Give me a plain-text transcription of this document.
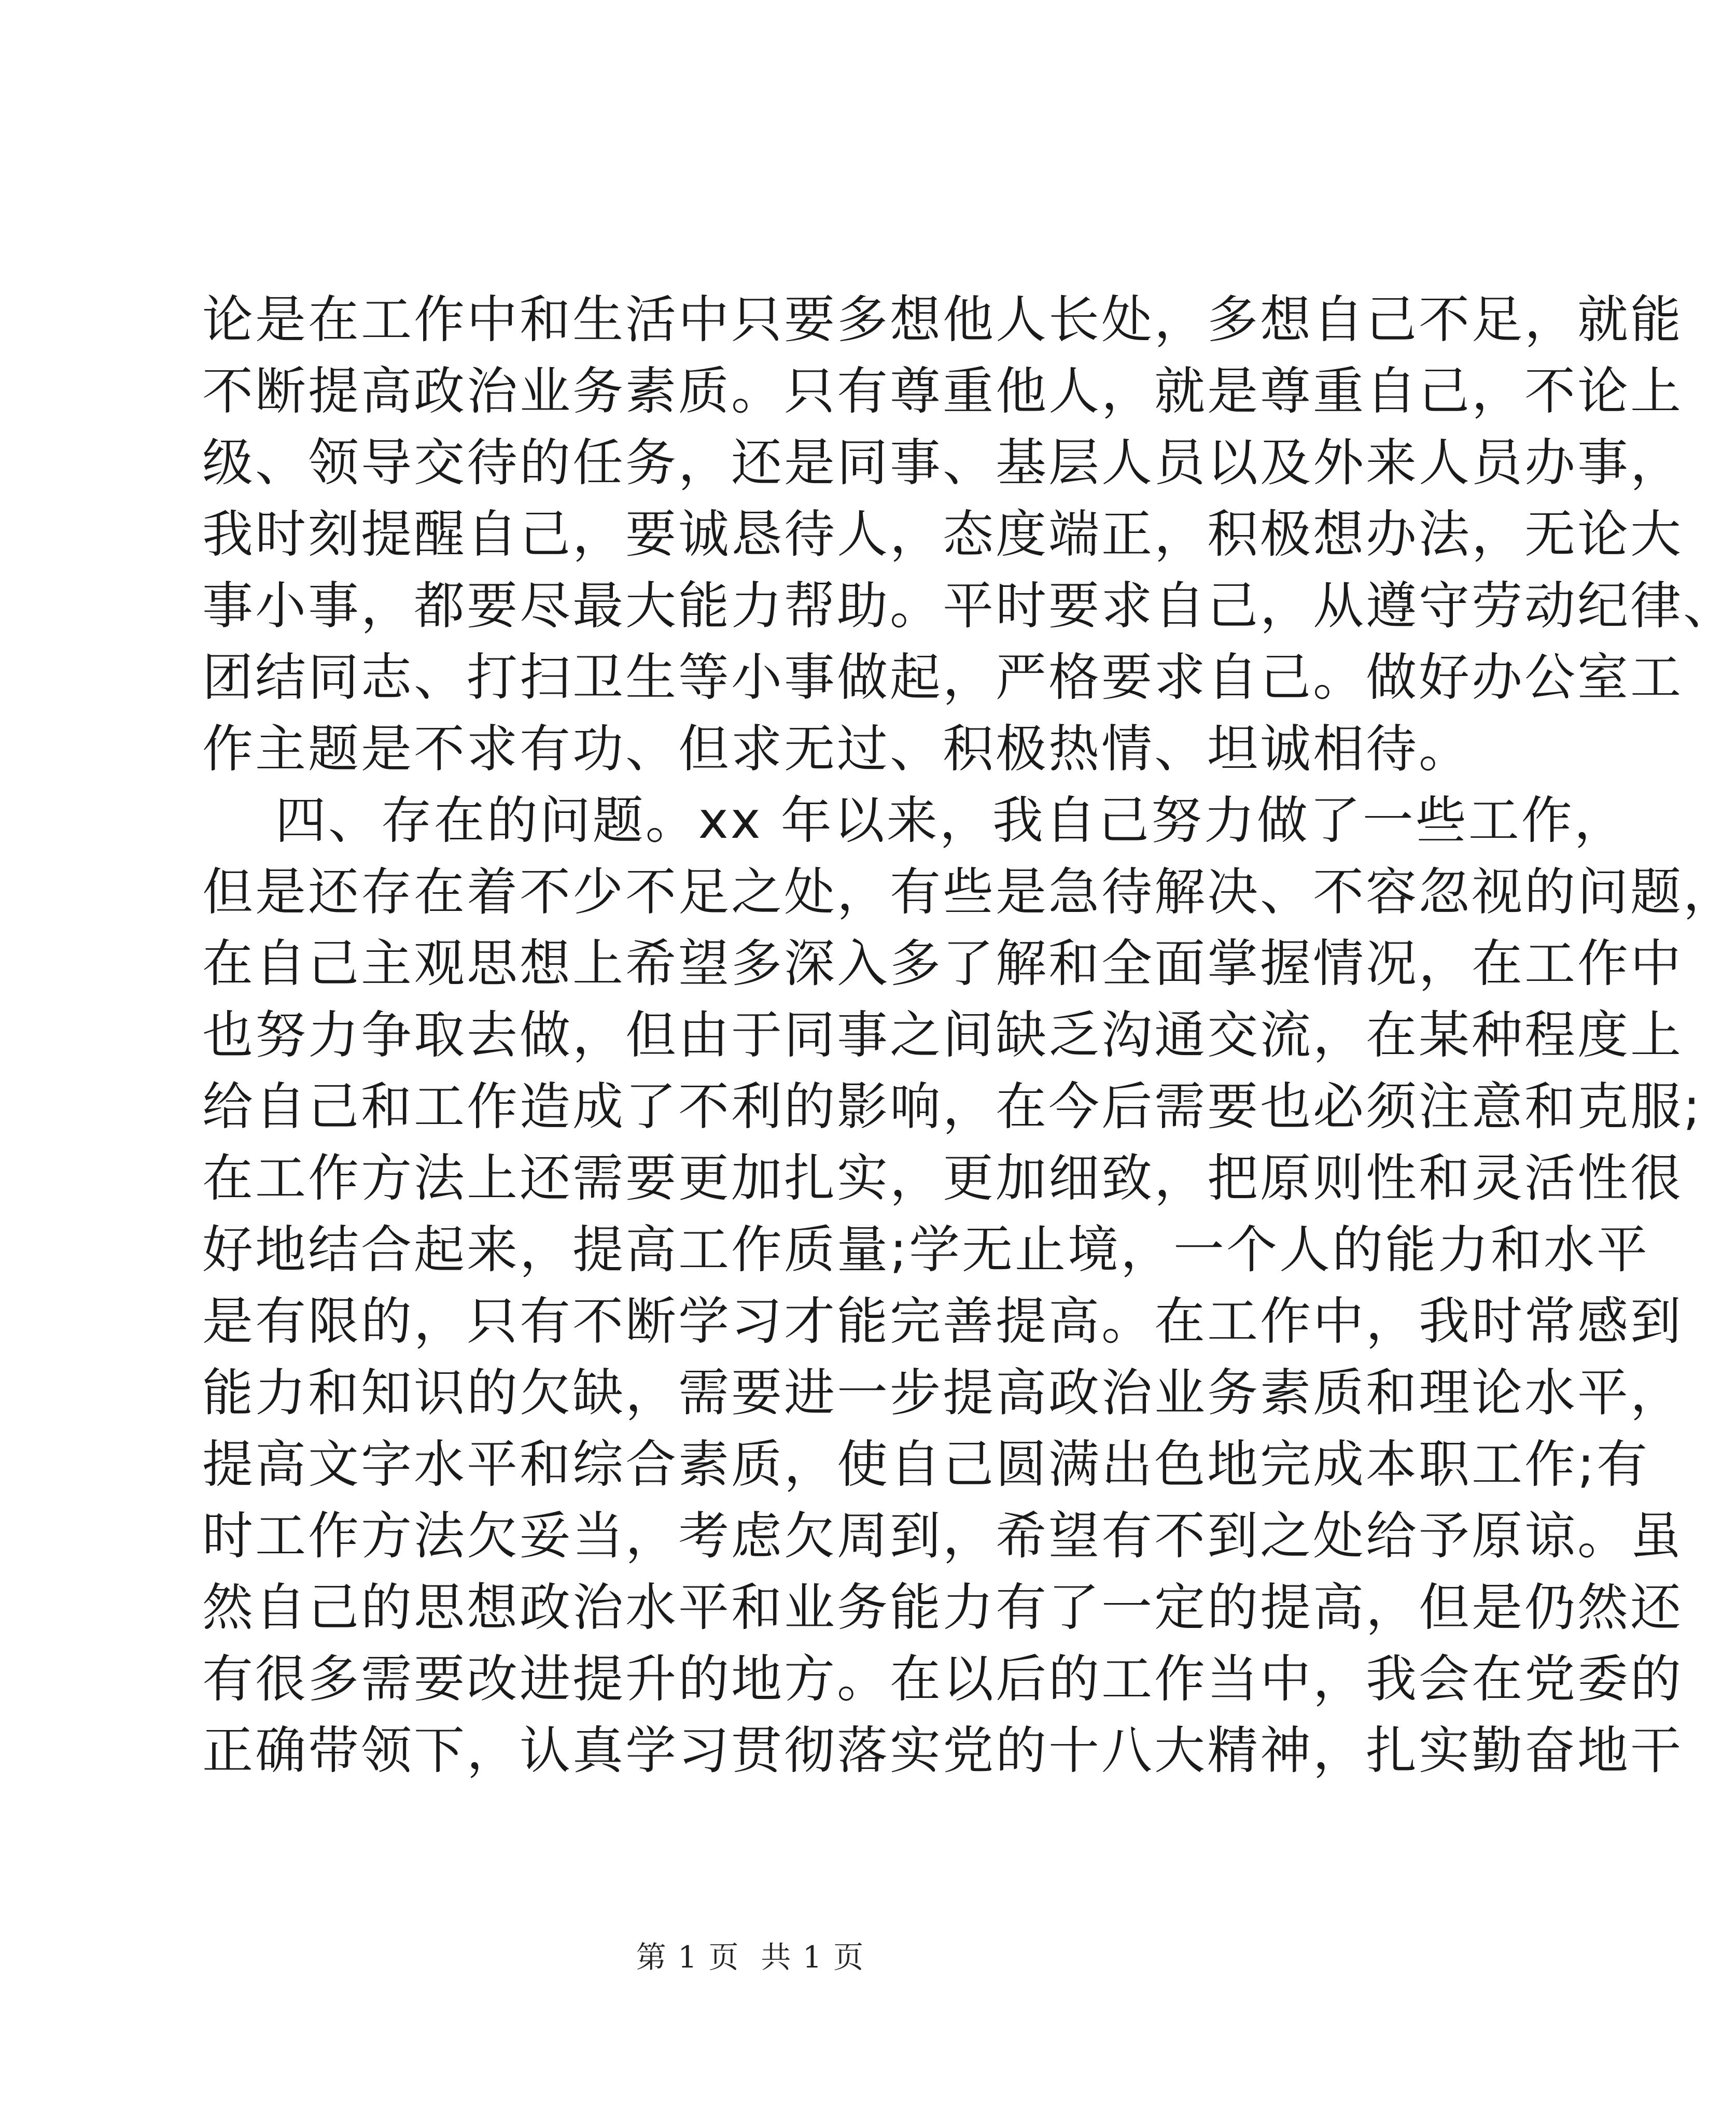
论是在工作中和生活中只要多想他人长处，多想自己不足，就能
不断提高政治业务素质。只有尊重他人，就是尊重自己，不论上
级、领导交待的任务，还是同事、基层人员以及外来人员办事，
我时刻提醒自己，要诚恳待人，态度端正，积极想办法，无论大
事小事，都要尽最大能力帮助。平时要求自己，从遵守劳动纪律、
团结同志、打扫卫生等小事做起，严格要求自己。做好办公室工
作主题是不求有功、但求无过、积极热情、坦诚相待。
四、存在的问题。xx 年以来，我自己努力做了一些工作，
但是还存在着不少不足之处，有些是急待解决、不容忽视的问题，
在自己主观思想上希望多深入多了解和全面掌握情况，在工作中
也努力争取去做，但由于同事之间缺乏沟通交流，在某种程度上
给自己和工作造成了不利的影响，在今后需要也必须注意和克服;
在工作方法上还需要更加扎实，更加细致，把原则性和灵活性很
好地结合起来，提高工作质量;学无止境，一个人的能力和水平
是有限的，只有不断学习才能完善提高。在工作中，我时常感到
能力和知识的欠缺，需要进一步提高政治业务素质和理论水平，
提高文字水平和综合素质，使自己圆满出色地完成本职工作;有
时工作方法欠妥当，考虑欠周到，希望有不到之处给予原谅。虽
然自己的思想政治水平和业务能力有了一定的提高，但是仍然还
有很多需要改进提升的地方。在以后的工作当中，我会在党委的
正确带领下，认真学习贯彻落实党的十八大精神，扎实勤奋地干
第 1 页  共 1 页
